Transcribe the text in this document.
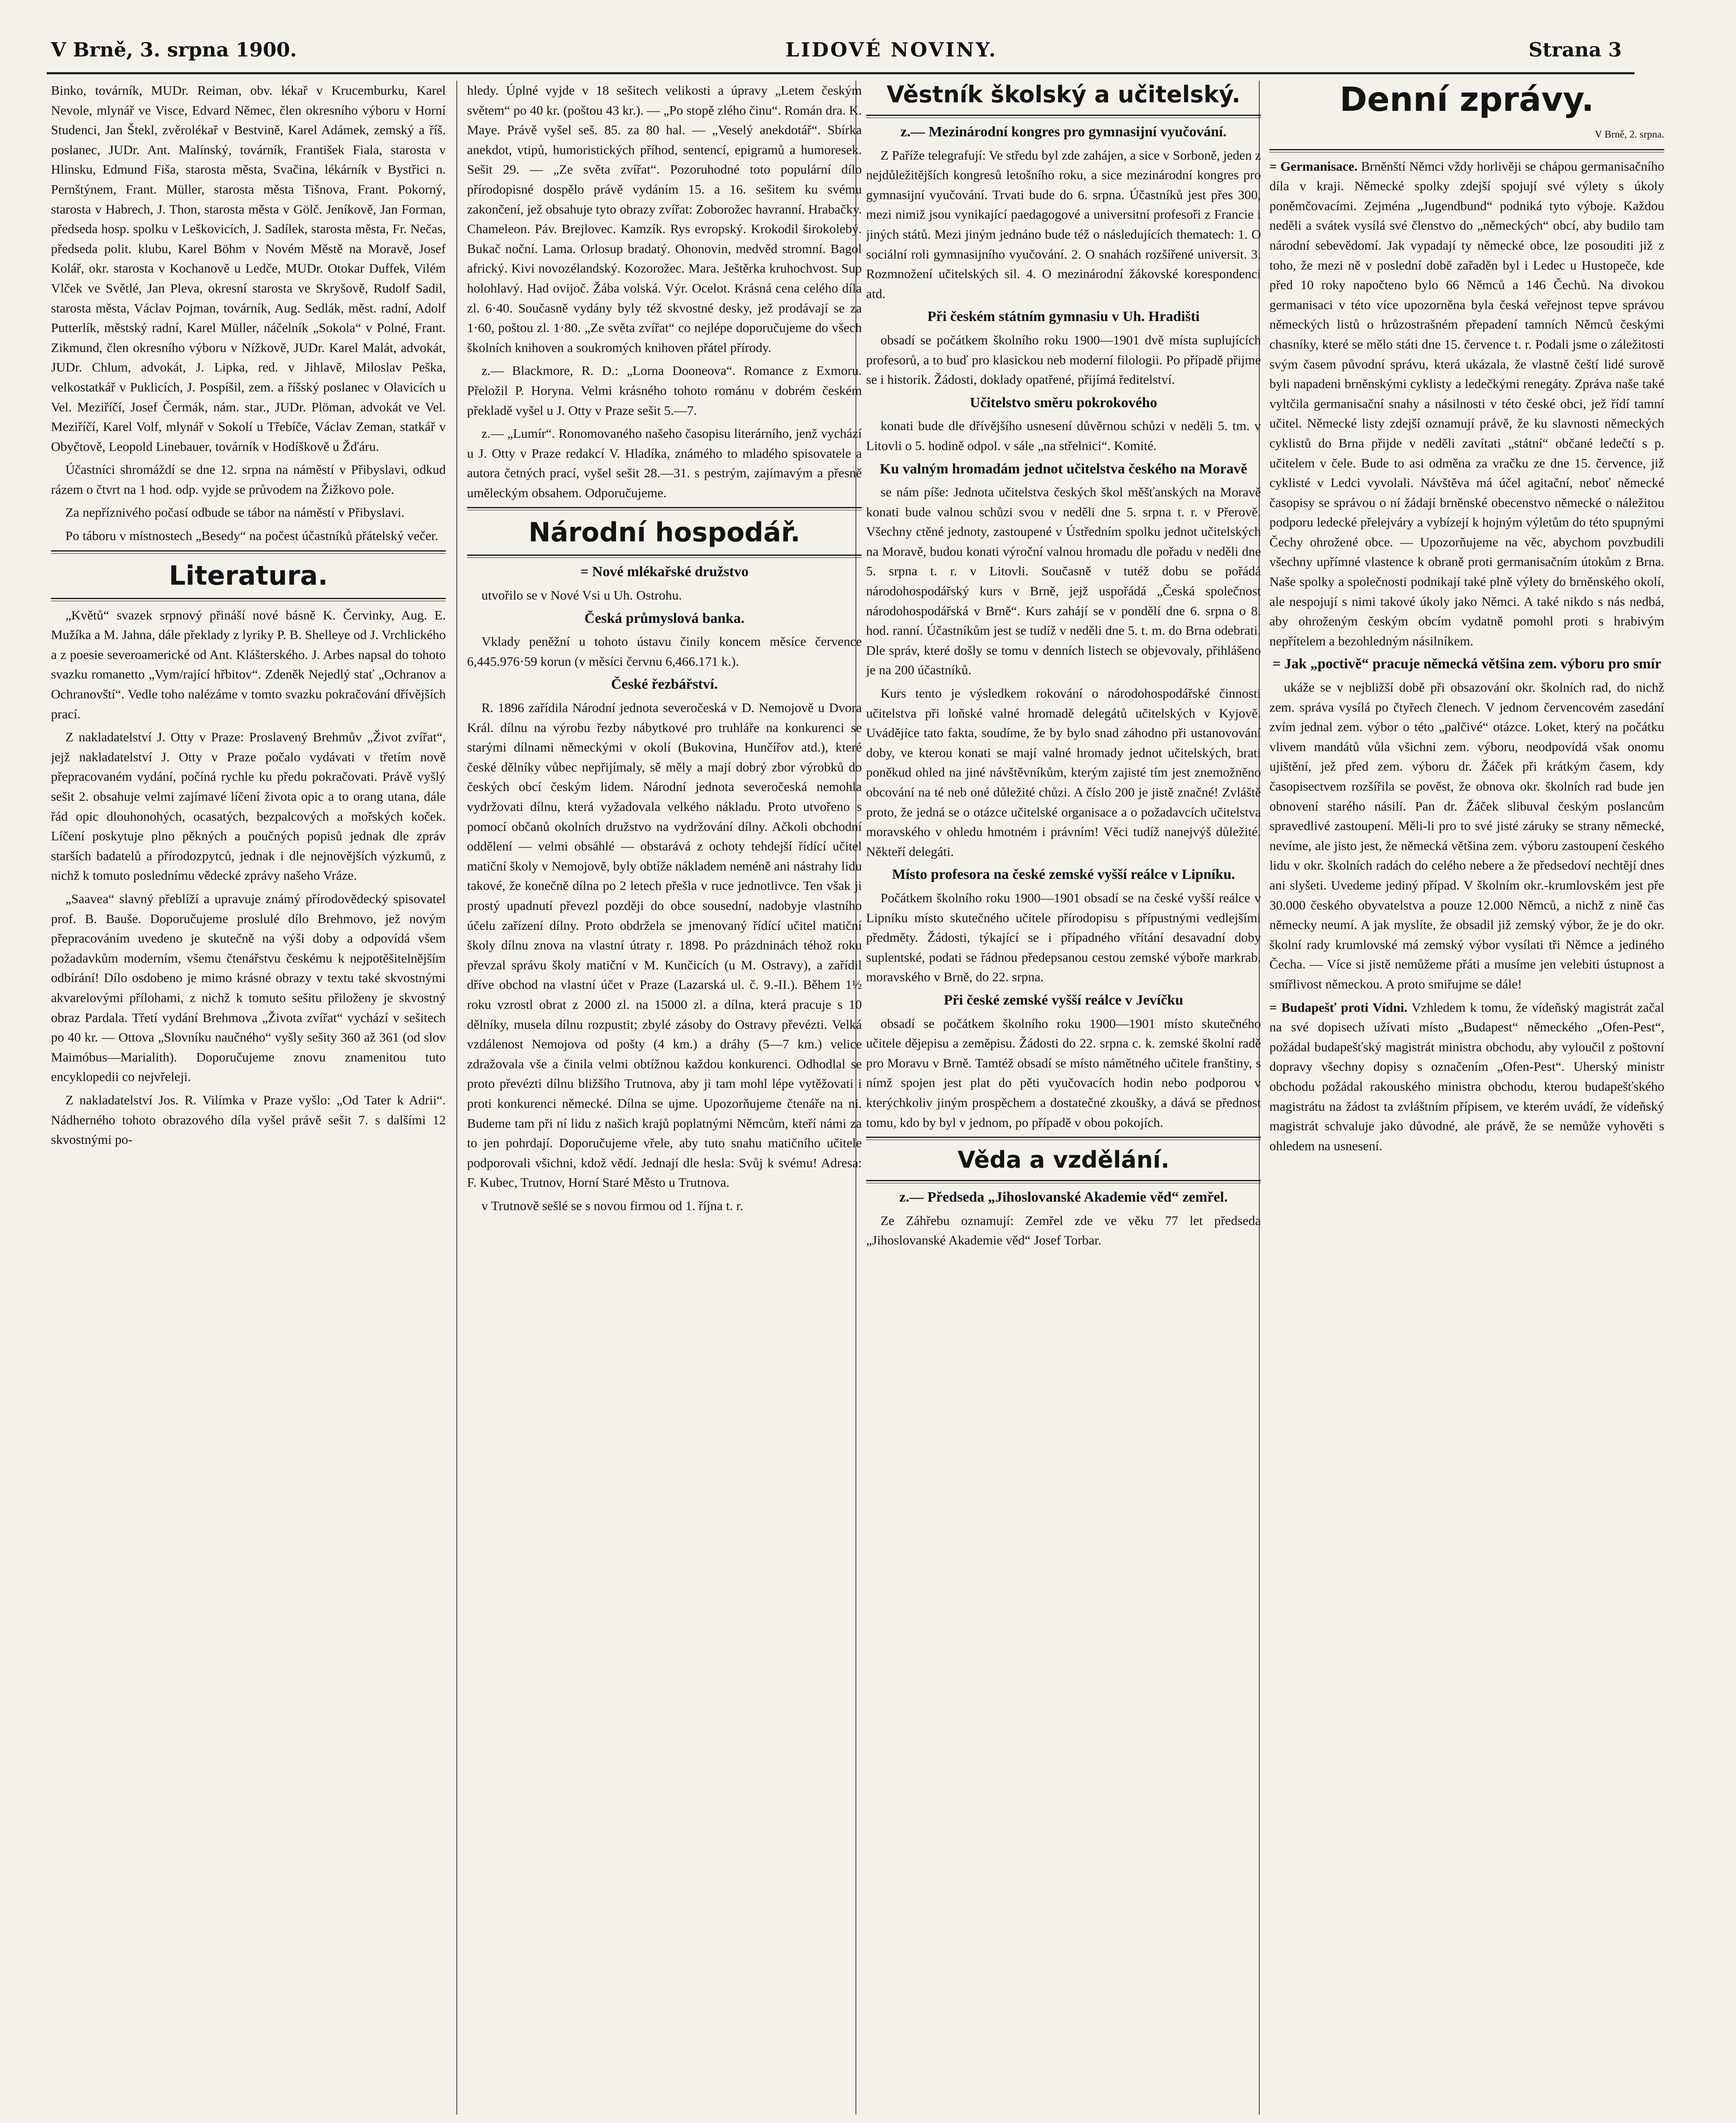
V Brně, 3. srpna 1900.	LIDOVÉ NOVINY.	Strana 3

Binko, továrník, MUDr. Reiman, obv. lékař v Krucemburku, Karel Nevole, mlynář ve Visce, Edvard Němec, člen okresního výboru v Horní Studenci, Jan Štekl, zvěrolékař v Bestvině, Karel Adámek, zemský a říš. poslanec, JUDr. Ant. Malínský, továrník, František Fiala, starosta v Hlinsku, Edmund Fiša, starosta města, Svačina, lékárník v Bystřici n. Pernštýnem, Frant. Müller, starosta města Tišnova, Frant. Pokorný, starosta v Habrech, J. Thon, starosta města v Gölč. Jeníkově, Jan Forman, předseda hosp. spolku v Leškovicích, J. Sadílek, starosta města, Fr. Nečas, předseda polit. klubu, Karel Böhm v Novém Městě na Moravě, Josef Kolář, okr. starosta v Kochanově u Ledče, MUDr. Otokar Duffek, Vilém Vlček ve Světlé, Jan Pleva, okresní starosta ve Skryšově, Rudolf Sadil, starosta města, Václav Pojman, továrník, Aug. Sedlák, měst. radní, Adolf Putterlík, městský radní, Karel Müller, náčelník „Sokola“ v Polné, Frant. Zikmund, člen okresního výboru v Nížkově, JUDr. Karel Malát, advokát, JUDr. Chlum, advokát, J. Lipka, red. v Jihlavě, Miloslav Peška, velkostatkář v Puklicích, J. Pospíšil, zem. a říšský poslanec v Olavicích u Vel. Meziříčí, Josef Čermák, nám. star., JUDr. Plöman, advokát ve Vel. Meziříčí, Karel Volf, mlynář v Sokolí u Třebíče, Václav Zeman, statkář v Obyčtově, Leopold Linebauer, továrník v Hodíškově u Žďáru.

Účastníci shromáždí se dne 12. srpna na náměstí v Přibyslavi, odkud rázem o čtvrt na 1 hod. odp. vyjde se průvodem na Žižkovo pole.

Za nepříznivého počasí odbude se tábor na náměstí v Přibyslavi.

Po táboru v místnostech „Besedy“ na počest účastníků přátelský večer.

Literatura.

„Květů“ svazek srpnový přináší nové básně K. Červinky, Aug. E. Mužíka a M. Jahna, dále překlady z lyriky P. B. Shelleye od J. Vrchlického a z poesie severoamerické od Ant. Klášterského. J. Arbes napsal do tohoto svazku romanetto „Vym/rající hřbitov“. Zdeněk Nejedlý stať „Ochranov a Ochranovští“. Vedle toho nalézáme v tomto svazku pokračování dřívějších prací.

Z nakladatelství J. Otty v Praze: Proslavený Brehmův „Život zvířat“, jejž nakladatelství J. Otty v Praze počalo vydávati v třetím nově přepracovaném vydání, počíná rychle ku předu pokračovati. Právě vyšlý sešit 2. obsahuje velmi zajímavé líčení života opic a to orang utana, dále řád opic dlouhonohých, ocasatých, bezpalcových a mořských koček. Líčení poskytuje plno pěkných a poučných popisů jednak dle zpráv starších badatelů a přírodozpytců, jednak i dle nejnovějších výzkumů, z nichž k tomuto poslednímu vědecké zprávy našeho Vráze.

„Saavea“ slavný přeblíží a upravuje známý přírodovědecký spisovatel prof. B. Bauše. Doporučujeme proslulé dílo Brehmovo, jež novým přepracováním uvedeno je skutečně na výši doby a odpovídá všem požadavkům moderním, všemu čtenářstvu českému k nejpotěšitelnějším odbírání! Dílo osdobeno je mimo krásné obrazy v textu také skvostnými akvarelovými přílohami, z nichž k tomuto sešitu přiloženy je skvostný obraz Pardala. Třetí vydání Brehmova „Života zvířat“ vychází v sešitech po 40 kr. — Ottova „Slovníku naučného“ vyšly sešity 360 až 361 (od slov Maimóbus—Marialith). Doporučujeme znovu znamenitou tuto encyklopedii co nejvřeleji.

Z nakladatelství Jos. R. Vilímka v Praze vyšlo: „Od Tater k Adrii“. Nádherného tohoto obrazového díla vyšel právě sešit 7. s dalšími 12 skvostnými po-

hledy. Úplné vyjde v 18 sešitech velikosti a úpravy „Letem českým světem“ po 40 kr. (poštou 43 kr.). — „Po stopě zlého činu“. Román dra. K. Maye. Právě vyšel seš. 85. za 80 hal. — „Veselý anekdotář“. Sbírka anekdot, vtipů, humoristických příhod, sentencí, epigramů a humoresek. Sešit 29. — „Ze světa zvířat“. Pozoruhodné toto populární dílo přírodopisné dospělo právě vydáním 15. a 16. sešitem ku svému zakončení, jež obsahuje tyto obrazy zvířat: Zoborožec havranní. Hrabačky. Chameleon. Páv. Brejlovec. Kamzík. Rys evropský. Krokodil širokolebý. Bukač noční. Lama. Orlosup bradatý. Ohonovin, medvěd stromní. Bagol africký. Kivi novozélandský. Kozorožec. Mara. Ještěrka kruhochvost. Sup holohlavý. Had ovijoč. Žába volská. Výr. Ocelot. Krásná cena celého díla zl. 6·40. Současně vydány byly též skvostné desky, jež prodávají se za 1·60, poštou zl. 1·80. „Ze světa zvířat“ co nejlépe doporučujeme do všech školních knihoven a soukromých knihoven přátel přírody.

z.— Blackmore, R. D.: „Lorna Dooneova“. Romance z Exmoru. Přeložil P. Horyna. Velmi krásného tohoto románu v dobrém českém překladě vyšel u J. Otty v Praze sešit 5.—7.

z.— „Lumír“. Ronomovaného našeho časopisu literárního, jenž vychází u J. Otty v Praze redakcí V. Hladíka, známého to mladého spisovatele a autora četných prací, vyšel sešit 28.—31. s pestrým, zajímavým a přesně uměleckým obsahem. Odporučujeme.

Národní hospodář.

= Nové mlékařské družstvo

utvořilo se v Nové Vsi u Uh. Ostrohu.

Česká průmyslová banka.

Vklady peněžní u tohoto ústavu činily koncem měsíce července 6,445.976·59 korun (v měsíci červnu 6,466.171 k.).

České řezbářství.

R. 1896 zařídila Národní jednota severočeská v D. Nemojově u Dvora Král. dílnu na výrobu řezby nábytkové pro truhláře na konkurenci se starými dílnami německými v okolí (Bukovina, Hunčířov atd.), které české dělníky vůbec nepřijímaly, sě měly a mají dobrý zbor výrobků do českých obcí českým lidem. Národní jednota severočeská nemohla vydržovati dílnu, která vyžadovala velkého nákladu. Proto utvořeno s pomocí občanů okolních družstvo na vydržování dílny. Ačkoli obchodní oddělení — velmi obsáhlé — obstarává z ochoty tehdejší řídící učitel matiční školy v Nemojově, byly obtíže nákladem neméně ani nástrahy lidu takové, že konečně dílna po 2 letech přešla v ruce jednotlivce. Ten však ji prostý upadnutí převezl později do obce sousední, nadobyje vlastního účelu zařízení dílny. Proto obdržela se jmenovaný řídící učitel matiční školy dílnu znova na vlastní útraty r. 1898. Po prázdninách téhož roku převzal správu školy matiční v M. Kunčicích (u M. Ostravy), a zařídil dříve obchod na vlastní účet v Praze (Lazarská ul. č. 9.-II.). Během 1½ roku vzrostl obrat z 2000 zl. na 15000 zl. a dílna, která pracuje s 10 dělníky, musela dílnu rozpustit; zbylé zásoby do Ostravy převézti. Velká vzdálenost Nemojova od pošty (4 km.) a dráhy (5—7 km.) velice zdražovala vše a činila velmi obtížnou každou konkurenci. Odhodlal se proto převézti dílnu bližšího Trutnova, aby ji tam mohl lépe vytěžovati i proti konkurenci německé. Dílna se ujme. Upozorňujeme čtenáře na ni. Budeme tam při ní lidu z našich krajů poplatnými Němcům, kteří námi za to jen pohrdají. Doporučujeme vřele, aby tuto snahu matičního učitele podporovali všichni, kdož vědí. Jednají dle hesla: Svůj k svému! Adresa: F. Kubec, Trutnov, Horní Staré Město u Trutnova.

v Trutnově sešlé se s novou firmou od 1. října t. r.

Věstník školský a učitelský.

z.— Mezinárodní kongres pro gymnasijní vyučování.

Z Paříže telegrafují: Ve středu byl zde zahájen, a sice v Sorboně, jeden z nejdůležitějších kongresů letošního roku, a sice mezinárodní kongres pro gymnasijní vyučování. Trvati bude do 6. srpna. Účastníků jest přes 300, mezi nimiž jsou vynikající paedagogové a universitní profesoři z Francie i jiných států. Mezi jiným jednáno bude též o následujících thematech: 1. O sociální roli gymnasijního vyučování. 2. O snahách rozšířené universit. 3. Rozmnožení učitelských sil. 4. O mezinárodní žákovské korespondenci atd.

Při českém státním gymnasiu v Uh. Hradišti

obsadí se počátkem školního roku 1900—1901 dvě místa suplujících profesorů, a to buď pro klasickou neb moderní filologii. Po případě přijme se i historik. Žádosti, doklady opatřené, přijímá ředitelství.

Učitelstvo směru pokrokového

konati bude dle dřívějšího usnesení důvěrnou schůzi v neděli 5. tm. v Litovli o 5. hodině odpol. v sále „na střelnici“. Komité.

Ku valným hromadám jednot učitelstva českého na Moravě

se nám píše: Jednota učitelstva českých škol měšťanských na Moravě konati bude valnou schůzi svou v neděli dne 5. srpna t. r. v Přerově. Všechny ctěné jednoty, zastoupené v Ústředním spolku jednot učitelských na Moravě, budou konati výroční valnou hromadu dle pořadu v neděli dne 5. srpna t. r. v Litovli. Současně v tutéž dobu se pořádá národohospodářský kurs v Brně, jejž uspořádá „Česká společnost národohospodářská v Brně“. Kurs zahájí se v pondělí dne 6. srpna o 8. hod. ranní. Účastníkům jest se tudíž v neděli dne 5. t. m. do Brna odebrati. Dle správ, které došly se tomu v denních listech se objevovaly, přihlášeno je na 200 účastníků.

Kurs tento je výsledkem rokování o národohospodářské činnosti učitelstva při loňské valné hromadě delegátů učitelských v Kyjově. Uvádějíce tato fakta, soudíme, že by bylo snad záhodno při ustanovování doby, ve kterou konati se mají valné hromady jednot učitelských, brati poněkud ohled na jiné návštěvníkům, kterým zajisté tím jest znemožněno obcování na té neb oné důležité chůzi. A číslo 200 je jistě značné! Zvláště proto, že jedná se o otázce učitelské organisace a o požadavcích učitelstva moravského v ohledu hmotném i právním! Věci tudíž nanejvýš důležité. Někteří delegáti.

Místo profesora na české zemské vyšší reálce v Lipníku.

Počátkem školního roku 1900—1901 obsadí se na české vyšší reálce v Lipníku místo skutečného učitele přírodopisu s přípustnými vedlejšími předměty. Žádosti, týkající se i případného vřítání desavadní doby suplentské, podati se řádnou předepsanou cestou zemské výboře markrab. moravského v Brně, do 22. srpna.

Při české zemské vyšší reálce v Jevíčku

obsadí se počátkem školního roku 1900—1901 místo skutečného učitele dějepisu a zeměpisu. Žádosti do 22. srpna c. k. zemské školní radě pro Moravu v Brně. Tamtéž obsadí se místo námětného učitele franštiny, s nímž spojen jest plat do pěti vyučovacích hodin nebo podporou v kterýchkoliv jiným prospěchem a dostatečné zkoušky, a dává se přednost tomu, kdo by byl v jednom, po případě v obou pokojích.

Věda a vzdělání.

z.— Předseda „Jihoslovanské Akademie věd“ zemřel.

Ze Záhřebu oznamují: Zemřel zde ve věku 77 let předseda „Jihoslovanské Akademie věd“ Josef Torbar.

Denní zprávy.
V Brně, 2. srpna.

= Germanisace. Brněnští Němci vždy horlivěji se chápou germanisačního díla v kraji. Německé spolky zdejší spojují své výlety s úkoly poněmčovacími. Zejména „Jugendbund“ podniká tyto výboje. Každou neděli a svátek vysílá své členstvo do „německých“ obcí, aby budilo tam národní sebevědomí. Jak vypadají ty německé obce, lze posouditi již z toho, že mezi ně v poslední době zařaděn byl i Ledec u Hustopeče, kde před 10 roky napočteno bylo 66 Němců a 146 Čechů. Na divokou germanisaci v této více upozorněna byla česká veřejnost tepve správou německých listů o hrůzostrašném přepadení tamních Němců českými chasníky, které se mělo státi dne 15. července t. r. Podali jsme o záležitosti svým časem původní správu, která ukázala, že vlastně čeští lidé surově byli napadeni brněnskými cyklisty a ledečkými renegáty. Zpráva naše také vyltčila germanisační snahy a násilnosti v této české obci, jež řídí tamní učitel. Německé listy zdejší oznamují právě, že ku slavnosti německých cyklistů do Brna přijde v neděli zavítati „státní“ občané ledečtí s p. učitelem v čele. Bude to asi odměna za vračku ze dne 15. července, již cyklisté v Ledci vyvolali. Návštěva má účel agitační, neboť německé časopisy se správou o ní žádají brněnské obecenstvo německé o náležitou podporu ledecké přelejváry a vybízejí k hojným výletům do této spupnými Čechy ohrožené obce. — Upozorňujeme na věc, abychom povzbudili všechny upřímné vlastence k obraně proti germanisačním útokům z Brna. Naše spolky a společnosti podnikají také plně výlety do brněnského okolí, ale nespojují s nimi takové úkoly jako Němci. A také nikdo s nás nedbá, aby ohroženým českým obcím vydatně pomohl proti s hrabivým nepřítelem a bezohledným násilníkem.

= Jak „poctivě“ pracuje německá většina zem. výboru pro smír

ukáže se v nejbližší době při obsazování okr. školních rad, do nichž zem. správa vysílá po čtyřech členech. V jednom červencovém zasedání zvím jednal zem. výbor o této „palčivé“ otázce. Loket, který na počátku vlivem mandátů vůla všichni zem. výboru, neodpovídá však onomu ujištění, jež před zem. výboru dr. Žáček při krátkým časem, kdy časopisectvem rozšířila se pověst, že obnova okr. školních rad bude jen obnovení starého násilí. Pan dr. Žáček slibuval českým poslancům spravedlivé zastoupení. Měli-li pro to své jisté záruky se strany německé, nevíme, ale jisto jest, že německá většina zem. výboru zastoupení českého lidu v okr. školních radách do celého nebere a že předsedoví nechtějí dnes ani slyšeti. Uvedeme jediný případ. V školním okr.-krumlovském jest pře 30.000 českého obyvatelstva a pouze 12.000 Němců, a nichž z nině čas německy neumí. A jak myslíte, že obsadil již zemský výbor, že je do okr. školní rady krumlovské má zemský výbor vysílati tři Němce a jediného Čecha. — Více si jistě nemůžeme přáti a musíme jen velebiti ústupnost a smířlivost německou. A proto smiřujme se dále!

= Budapešť proti Vídni. Vzhledem k tomu, že vídeňský magistrát začal na své dopisech užívati místo „Budapest“ německého „Ofen-Pest“, požádal budapešťský magistrát ministra obchodu, aby vyloučil z poštovní dopravy všechny dopisy s označením „Ofen-Pest“. Uherský ministr obchodu požádal rakouského ministra obchodu, kterou budapešťského magistrátu na žádost ta zvláštním přípisem, ve kterém uvádí, že vídeňský magistrát schvaluje jako důvodné, ale právě, že se nemůže vyhověti s ohledem na usnesení.
